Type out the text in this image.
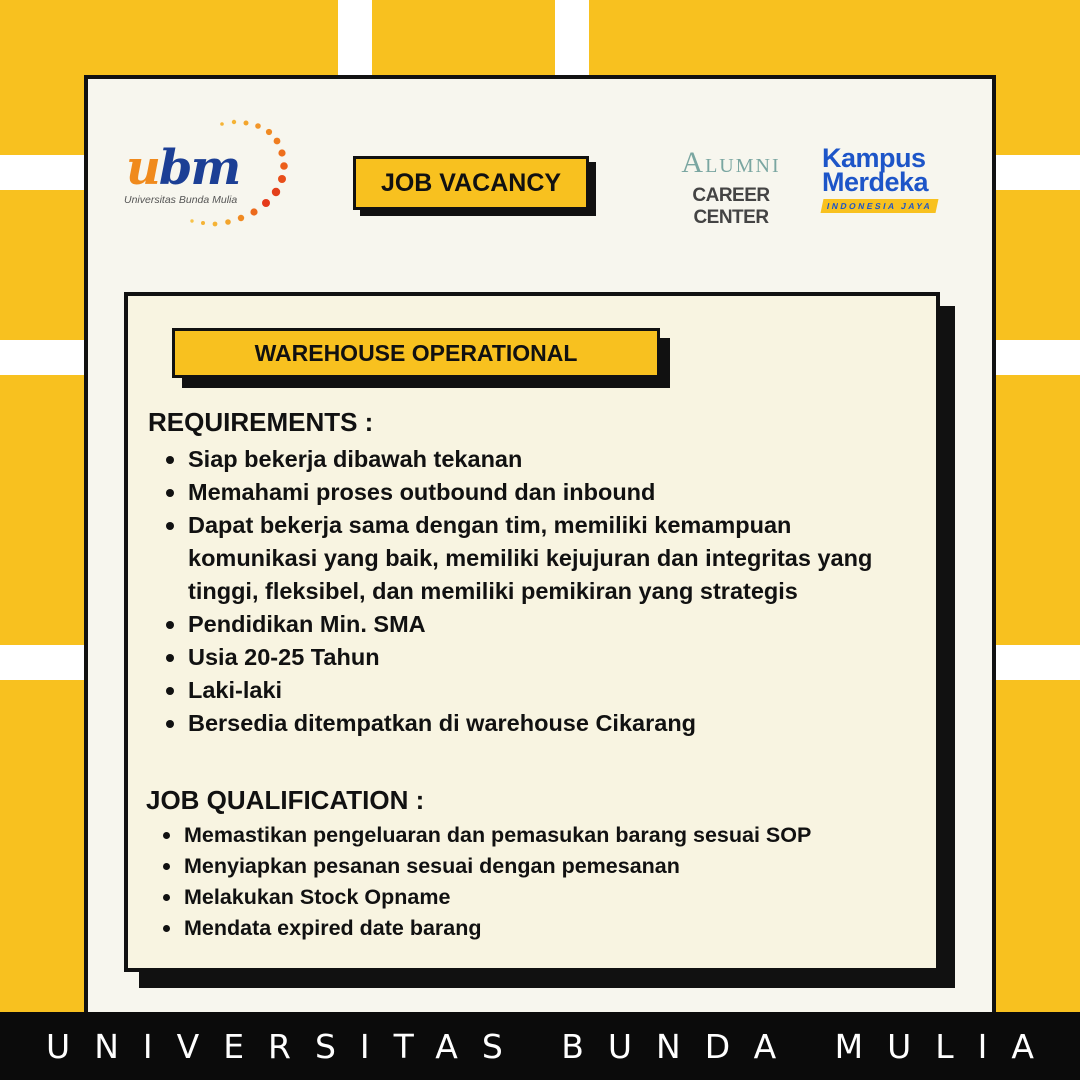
ubm
Universitas Bunda Mulia
JOB VACANCY
ALUMNI
CAREER CENTER
Kampus
Merdeka
INDONESIA JAYA
WAREHOUSE OPERATIONAL
REQUIREMENTS :
Siap bekerja dibawah tekanan
Memahami proses outbound dan inbound
Dapat bekerja sama dengan tim, memiliki kemampuan komunikasi yang baik, memiliki kejujuran dan integritas yang tinggi, fleksibel, dan memiliki pemikiran yang strategis
Pendidikan Min. SMA
Usia 20-25 Tahun
Laki-laki
Bersedia ditempatkan di warehouse Cikarang
JOB QUALIFICATION :
Memastikan pengeluaran dan pemasukan barang sesuai SOP
Menyiapkan pesanan sesuai dengan pemesanan
Melakukan Stock Opname
Mendata expired date barang
UNIVERSITAS BUNDA MULIA
